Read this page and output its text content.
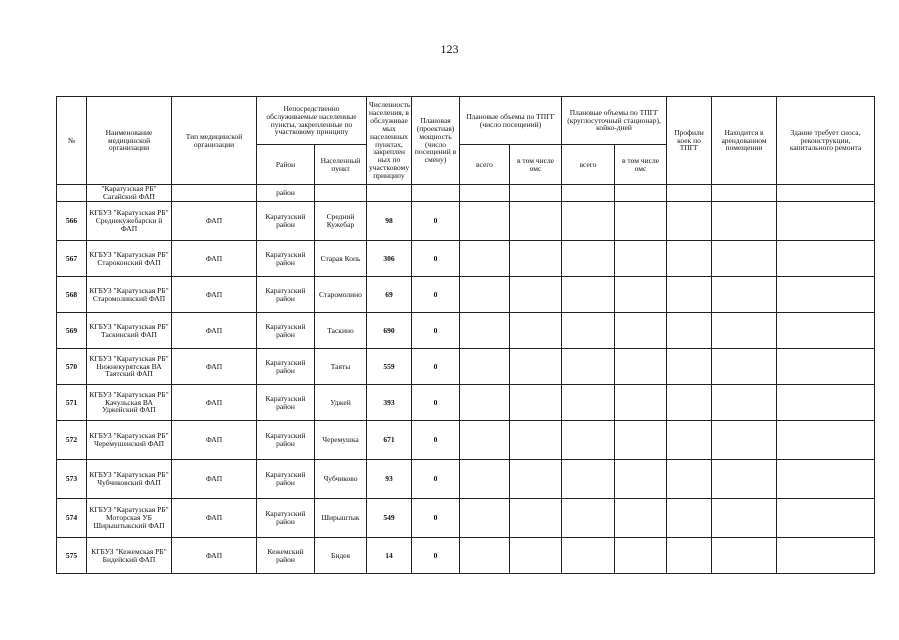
123
№	Наименование медицинской организации	Тип медицинской организации	Непосредственно обслуживаемые населенные пункты, закрепленные по участковому принципу		Численность населения, в обслуживае мых населенных пунктах, закреплен ных по участковому принципу	Плановая (проектная) мощность (число посещений в смену)	Плановые объемы по ТПГГ (число посещений)		Плановые объемы по ТПГГ (круглосуточный стационар), койко-дней		Профили коек по ТПГГ	Находится в арендованном помещении	Здание требует сноса, реконструкции, капитального ремонта
			Район	Населенный пункт			всего	в том числе омс	всего	в том числе омс			
	"Каратузская РБ" Сагайский ФАП		район										
566	КГБУЗ "Каратузская РБ" Среднекужебарски й ФАП	ФАП	Каратузский район	Средний Кужебар	98	0							
567	КГБУЗ "Каратузская РБ" Староконский ФАП	ФАП	Каратузский район	Старая Копь	306	0							
568	КГБУЗ "Каратузская РБ" Старомолинский ФАП	ФАП	Каратузский район	Старомолино	69	0							
569	КГБУЗ "Каратузская РБ" Таскинский ФАП	ФАП	Каратузский район	Таскино	690	0							
570	КГБУЗ "Каратузская РБ" Нижнекурятская ВА Таятский ФАП	ФАП	Каратузский район	Таяты	559	0							
571	КГБУЗ "Каратузская РБ" Качульская ВА Уджейский ФАП	ФАП	Каратузский район	Уджей	393	0							
572	КГБУЗ "Каратузская РБ" Черемушенский ФАП	ФАП	Каратузский район	Черемушка	671	0							
573	КГБУЗ "Каратузская РБ" Чубчиковский ФАП	ФАП	Каратузский район	Чубчиково	93	0							
574	КГБУЗ "Каратузская РБ" Моторская УБ Ширыштыкский ФАП	ФАП	Каратузский район	Ширыштык	549	0							
575	КГБУЗ "Кежемская РБ" Бидейский ФАП	ФАП	Кежемский район	Бидея	14	0							
